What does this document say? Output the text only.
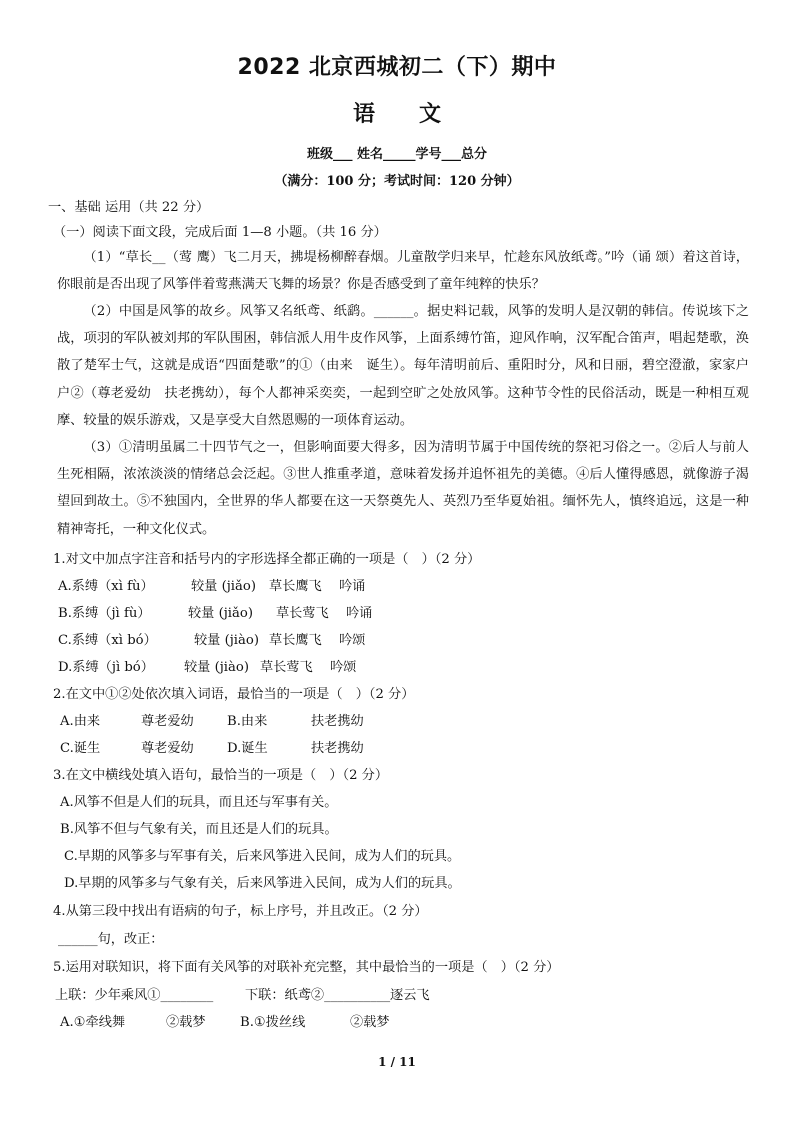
2022 北京西城初二（下）期中
语　　文
班级___ 姓名_____学号___总分
（满分：100 分；考试时间：120 分钟）
一、基础 运用（共 22 分）
（一）阅读下面文段，完成后面 1—8 小题。（共 16 分）
（1）“草长__（莺 鹰）飞二月天，拂堤杨柳醉春烟。儿童散学归来早，忙趁东风放纸鸢。”吟（诵 颂）着这首诗，你眼前是否出现了风筝伴着莺燕满天飞舞的场景？你是否感受到了童年纯粹的快乐？
（2）中国是风筝的故乡。风筝又名纸鸢、纸鹞。______。据史料记载，风筝的发明人是汉朝的韩信。传说垓下之战，项羽的军队被刘邦的军队围困，韩信派人用牛皮作风筝，上面系缚竹笛，迎风作响，汉军配合笛声，唱起楚歌，涣散了楚军士气，这就是成语“四面楚歌”的①（由来　诞生）。每年清明前后、重阳时分，风和日丽，碧空澄澈，家家户户②（尊老爱幼　扶老携幼），每个人都神采奕奕，一起到空旷之处放风筝。这种节令性的民俗活动，既是一种相互观摩、较量的娱乐游戏，又是享受大自然恩赐的一项体育运动。
（3）①清明虽属二十四节气之一，但影响面要大得多，因为清明节属于中国传统的祭祀习俗之一。②后人与前人生死相隔，浓浓淡淡的情绪总会泛起。③世人推重孝道，意味着发扬并追怀祖先的美德。④后人懂得感恩，就像游子渴望回到故土。⑤不独国内，全世界的华人都要在这一天祭奠先人、英烈乃至华夏始祖。缅怀先人，慎终追远，这是一种精神寄托，一种文化仪式。
1.对文中加点字注音和括号内的字形选择全都正确的一项是（　）（2 分）
A.系缚（xì fù）	较量 (jiǎo) 草长鹰飞 吟诵
B.系缚（jì fù）	较量 (jiǎo) 草长莺飞 吟诵
C.系缚（xì bó）	较量 (jiào) 草长鹰飞 吟颂
D.系缚（jì bó） 较量 (jiào) 草长莺飞 吟颂
2.在文中①②处依次填入词语，最恰当的一项是（　）（2 分）
A.由来	尊老爱幼	B.由来	扶老携幼
C.诞生	尊老爱幼	D.诞生	扶老携幼
3.在文中横线处填入语句，最恰当的一项是（　）（2 分）
A.风筝不但是人们的玩具，而且还与军事有关。
B.风筝不但与气象有关，而且还是人们的玩具。
C.早期的风筝多与军事有关，后来风筝进入民间，成为人们的玩具。
D.早期的风筝多与气象有关，后来风筝进入民间，成为人们的玩具。
4.从第三段中找出有语病的句子，标上序号，并且改正。（2 分）
______句，改正：
5.运用对联知识，将下面有关风筝的对联补充完整，其中最恰当的一项是（　）（2 分）
上联：少年乘风①________ 下联：纸鸢②__________逐云飞
A.①牵线舞	②载梦	B.①拨丝线	②载梦
1 / 11
